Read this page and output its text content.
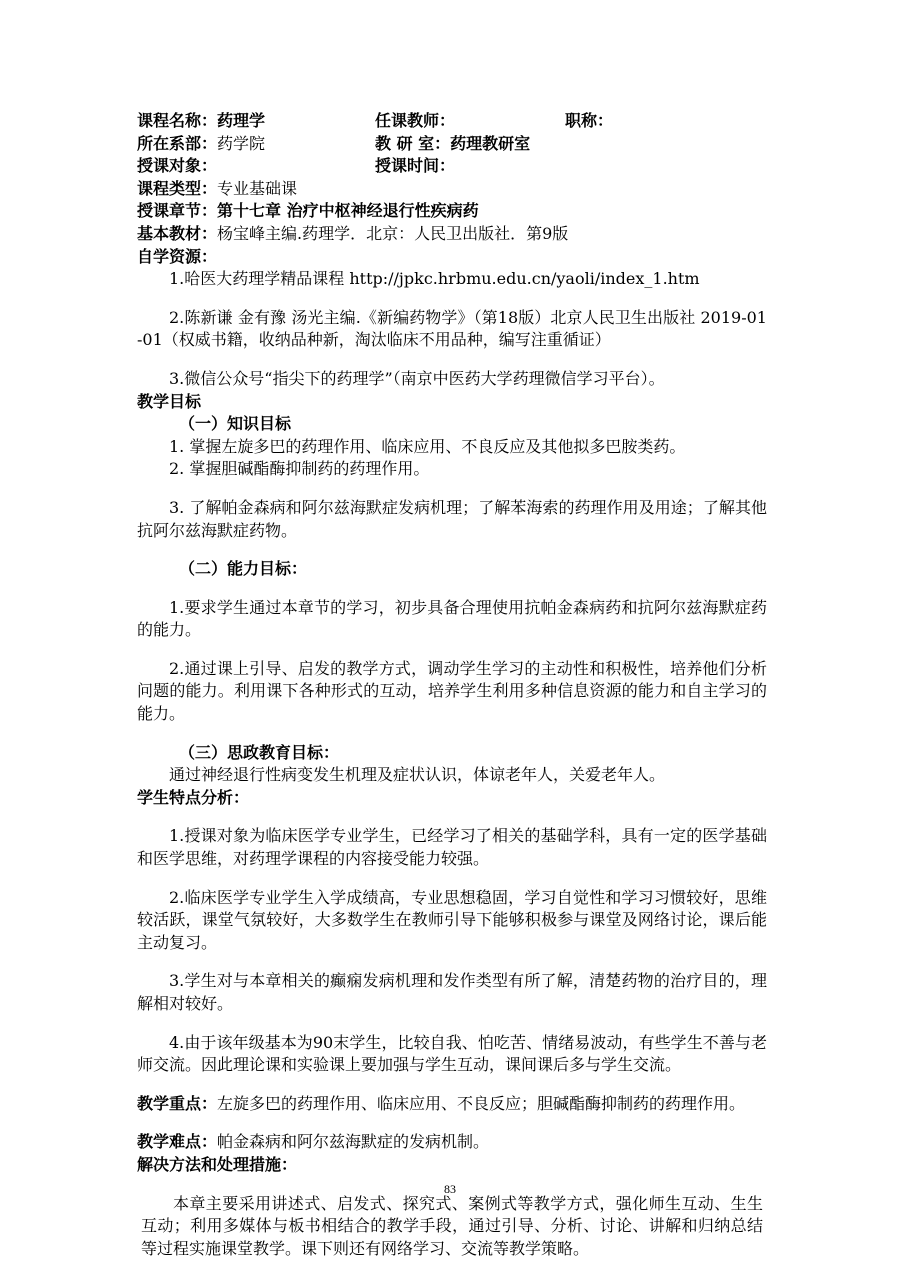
课程名称：药理学	任课教师：	职称：
所在系部：药学院	教 研 室：药理教研室
授课对象：	授课时间：

课程类型：专业基础课

授课章节：第十七章 治疗中枢神经退行性疾病药

基本教材：杨宝峰主编.药理学．北京：人民卫出版社．第9版

自学资源：

1.哈医大药理学精品课程 http://jpkc.hrbmu.edu.cn/yaoli/index_1.htm

2.陈新谦 金有豫 汤光主编.《新编药物学》（第18版）北京人民卫生出版社 2019-01-01（权威书籍，收纳品种新，淘汰临床不用品种，编写注重循证）

3.微信公众号“指尖下的药理学”（南京中医药大学药理微信学习平台）。

教学目标

（一）知识目标

1. 掌握左旋多巴的药理作用、临床应用、不良反应及其他拟多巴胺类药。

2. 掌握胆碱酯酶抑制药的药理作用。

3. 了解帕金森病和阿尔兹海默症发病机理；了解苯海索的药理作用及用途；了解其他抗阿尔兹海默症药物。

（二）能力目标：

1.要求学生通过本章节的学习，初步具备合理使用抗帕金森病药和抗阿尔兹海默症药的能力。

2.通过课上引导、启发的教学方式，调动学生学习的主动性和积极性，培养他们分析问题的能力。利用课下各种形式的互动，培养学生利用多种信息资源的能力和自主学习的能力。

（三）思政教育目标：

通过神经退行性病变发生机理及症状认识，体谅老年人，关爱老年人。

学生特点分析：

1.授课对象为临床医学专业学生，已经学习了相关的基础学科，具有一定的医学基础和医学思维，对药理学课程的内容接受能力较强。

2.临床医学专业学生入学成绩高，专业思想稳固，学习自觉性和学习习惯较好，思维较活跃，课堂气氛较好，大多数学生在教师引导下能够积极参与课堂及网络讨论，课后能主动复习。

3.学生对与本章相关的癫痫发病机理和发作类型有所了解，清楚药物的治疗目的，理解相对较好。

4.由于该年级基本为90末学生，比较自我、怕吃苦、情绪易波动，有些学生不善与老师交流。因此理论课和实验课上要加强与学生互动，课间课后多与学生交流。

教学重点：左旋多巴的药理作用、临床应用、不良反应；胆碱酯酶抑制药的药理作用。

教学难点：帕金森病和阿尔兹海默症的发病机制。

解决方法和处理措施：

本章主要采用讲述式、启发式、探究式、案例式等教学方式，强化师生互动、生生互动；利用多媒体与板书相结合的教学手段，通过引导、分析、讨论、讲解和归纳总结等过程实施课堂教学。课下则还有网络学习、交流等教学策略。

83
